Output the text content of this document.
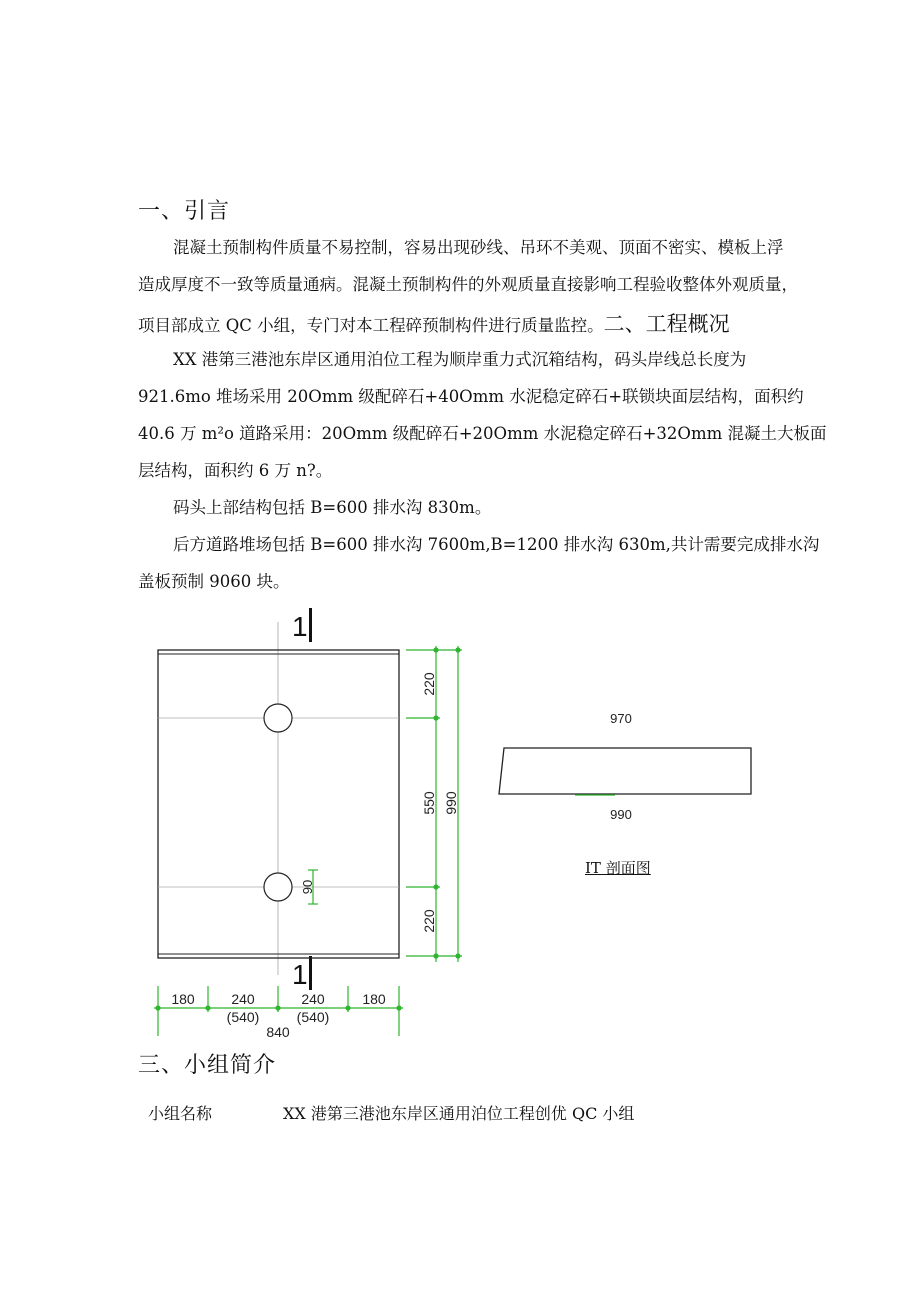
一、引言
混凝土预制构件质量不易控制，容易出现砂线、吊环不美观、顶面不密实、模板上浮
造成厚度不一致等质量通病。混凝土预制构件的外观质量直接影响工程验收整体外观质量，
项目部成立 QC 小组，专门对本工程碎预制构件进行质量监控。二、工程概况
XX 港第三港池东岸区通用泊位工程为顺岸重力式沉箱结构，码头岸线总长度为
921.6mo 堆场采用 20Omm 级配碎石+40Omm 水泥稳定碎石+联锁块面层结构，面积约
40.6 万 m²o 道路采用：20Omm 级配碎石+20Omm 水泥稳定碎石+32Omm 混凝土大板面
层结构，面积约 6 万 n?。
码头上部结构包括 B=600 排水沟 830m。
后方道路堆场包括 B=600 排水沟 7600m,B=1200 排水沟 630m,共计需要完成排水沟
盖板预制 9060 块。
1
1
220
550
220
990
90
180	240	240	180
(540)	(540)
840
970
990
IT 剖面图
三、小组简介
小组名称	XX 港第三港池东岸区通用泊位工程创优 QC 小组
